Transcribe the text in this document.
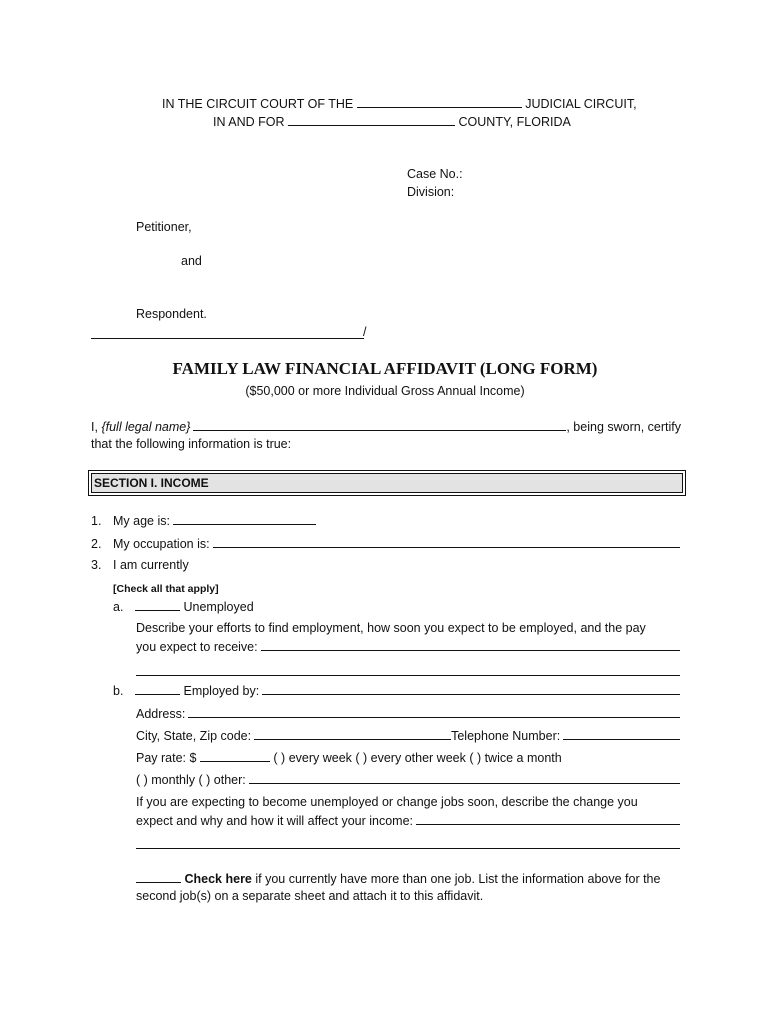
IN THE CIRCUIT COURT OF THE	JUDICIAL CIRCUIT,
IN AND FOR	COUNTY, FLORIDA
Case No.:
Division:
Petitioner,
and
Respondent.
/
FAMILY LAW FINANCIAL AFFIDAVIT (LONG FORM)
($50,000 or more Individual Gross Annual Income)
I,
{full legal name}	, being sworn, certify
that the following information is true:
SECTION I. INCOME
1. My age is:
2. My occupation is:
3. I am currently
[Check all that apply]
a.	Unemployed
Describe your efforts to find employment, how soon you expect to be employed, and the pay
you expect to receive:
b.
	Employed by:
Address:
City, State, Zip code:	Telephone Number:
Pay rate: $	( ) every week ( ) every other week ( ) twice a month
( ) monthly ( ) other:
If you are expecting to become unemployed or change jobs soon, describe the change you
expect and why and how it will affect your income:
Check here if you currently have more than one job. List the information above for the
second job(s) on a separate sheet and attach it to this affidavit.
